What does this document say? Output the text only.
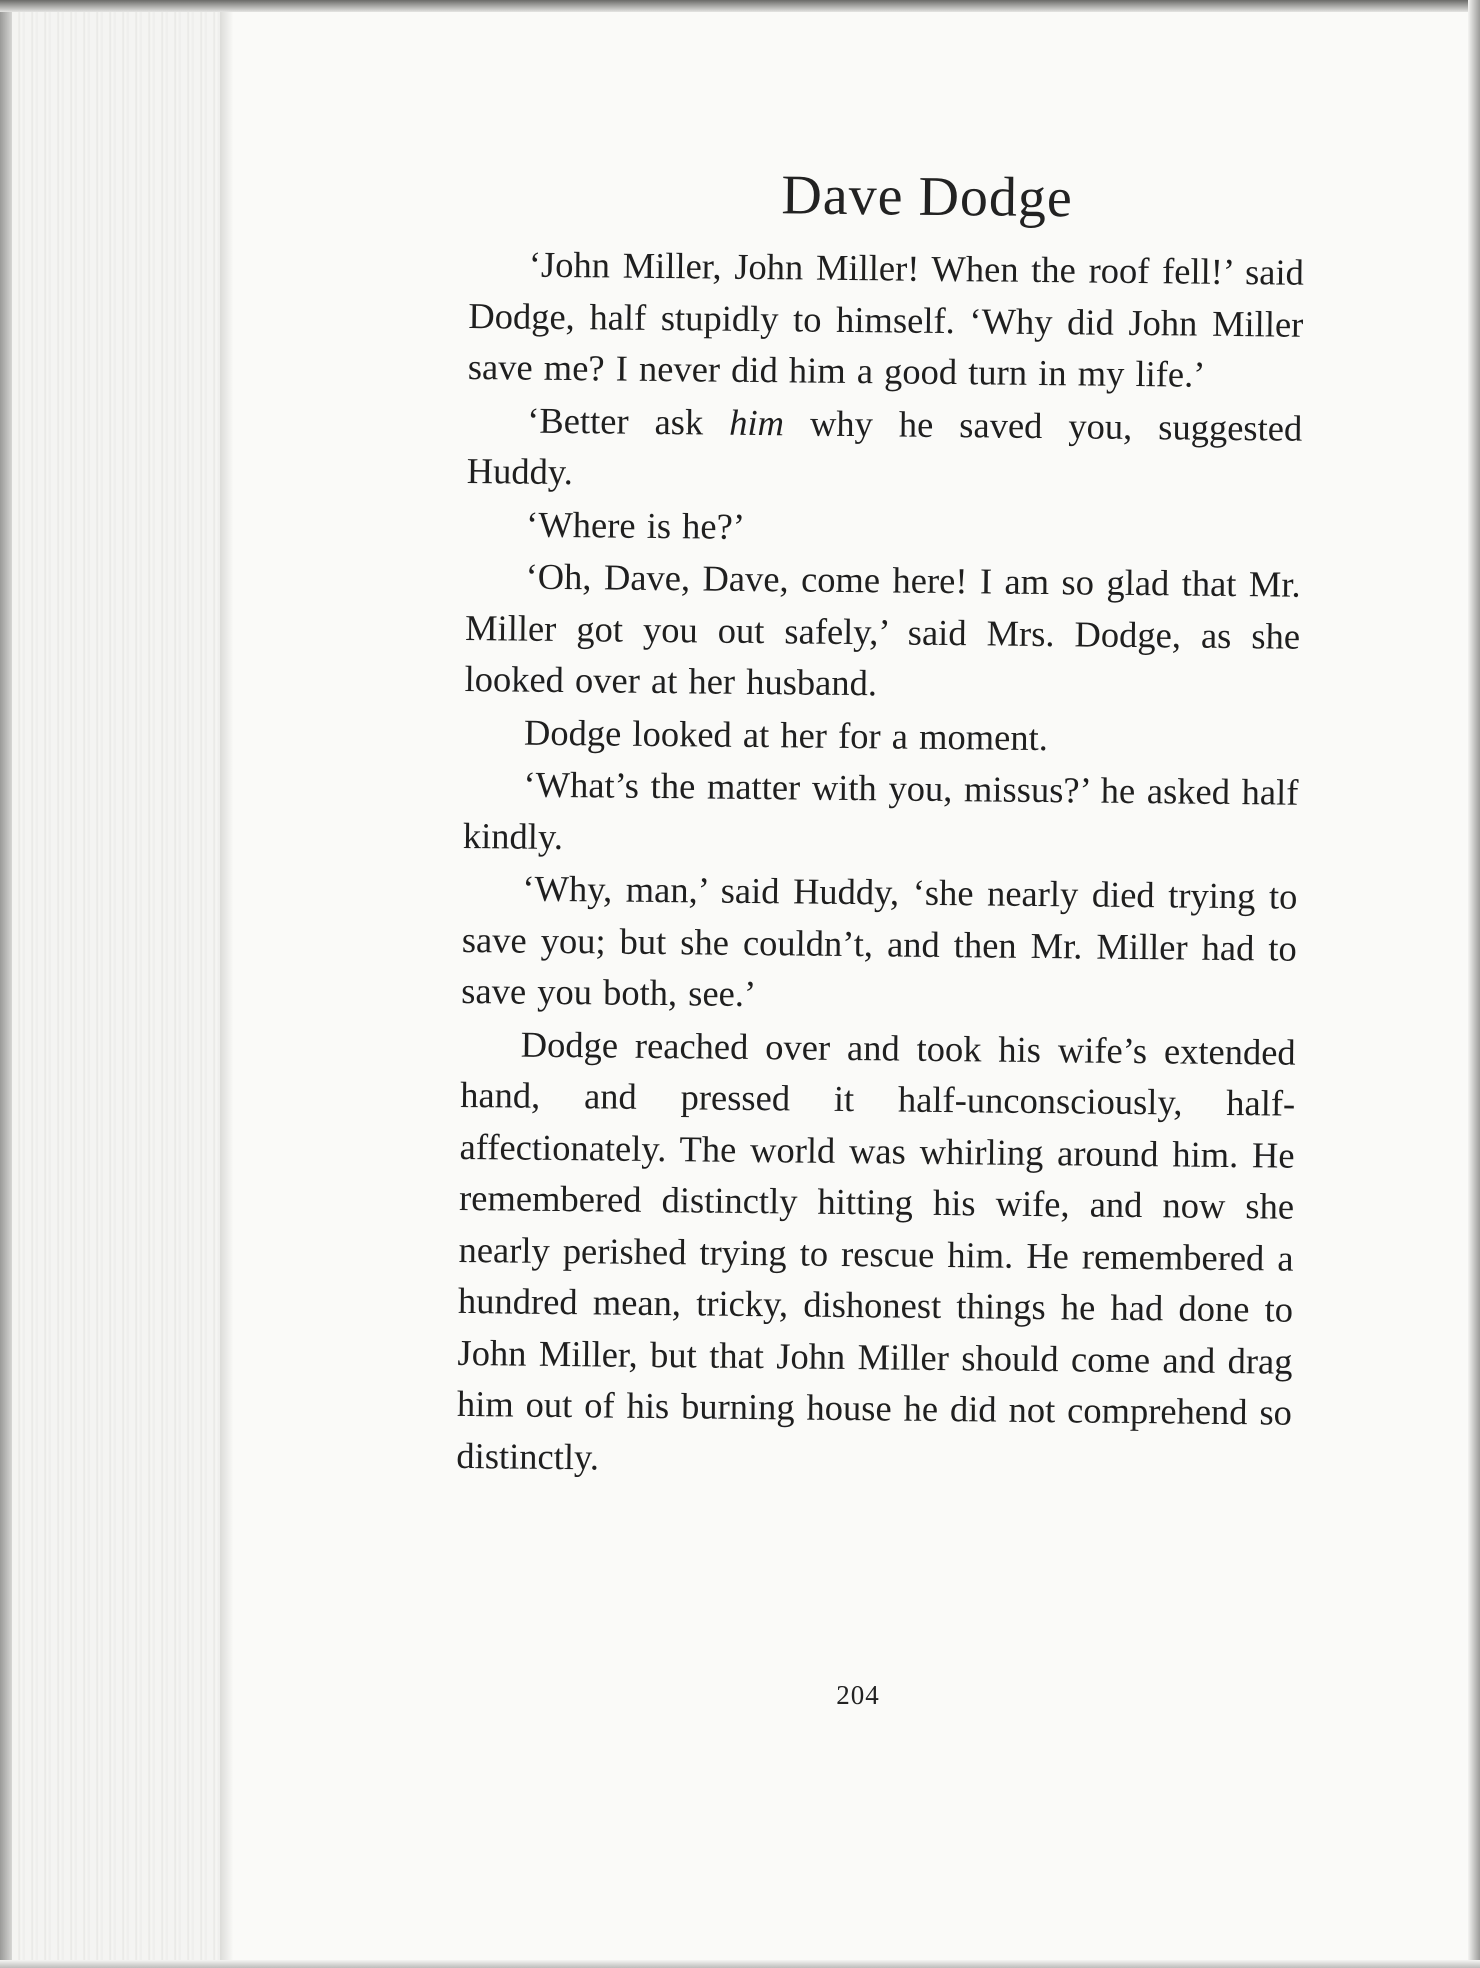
Dave Dodge

‘John Miller, John Miller! When the roof fell!’ said Dodge, half stupidly to himself. ‘Why did John Miller save me? I never did him a good turn in my life.’

‘Better ask him why he saved you, suggested Huddy.

‘Where is he?’

‘Oh, Dave, Dave, come here! I am so glad that Mr. Miller got you out safely,’ said Mrs. Dodge, as she looked over at her husband.

Dodge looked at her for a moment.

‘What’s the matter with you, missus?’ he asked half kindly.

‘Why, man,’ said Huddy, ‘she nearly died trying to save you; but she couldn’t, and then Mr. Miller had to save you both, see.’

Dodge reached over and took his wife’s extended hand, and pressed it half-unconsciously, half-affectionately. The world was whirling around him. He remembered distinctly hitting his wife, and now she nearly perished trying to rescue him. He remembered a hundred mean, tricky, dishonest things he had done to John Miller, but that John Miller should come and drag him out of his burning house he did not comprehend so distinctly.

204
